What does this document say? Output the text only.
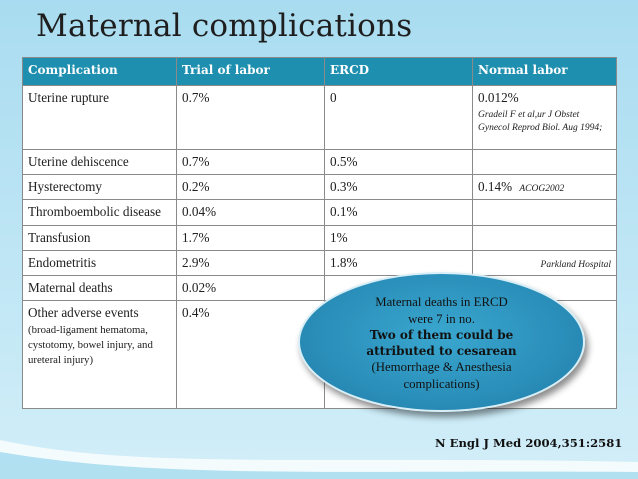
Maternal complications
Complication	Trial of labor	ERCD	Normal labor
Uterine rupture	0.7%	0	0.012%
Gradeil F et al,ur J Obstet Gynecol Reprod Biol. Aug 1994;

Uterine dehiscence	0.7%	0.5%	
Hysterectomy	0.2%	0.3%	0.14% ACOG2002
Thromboembolic disease	0.04%	0.1%	
Transfusion	1.7%	1%	
Endometritis	2.9%	1.8%	Parkland Hospital
Maternal deaths	0.02%		
Other adverse events
(broad-ligament hematoma, cystotomy, bowel injury, and ureteral injury)	0.4%		
Maternal deaths in ERCD
were 7 in no.
Two of them could be
attributed to cesarean
(Hemorrhage & Anesthesia
complications)
N Engl J Med 2004,351:2581
